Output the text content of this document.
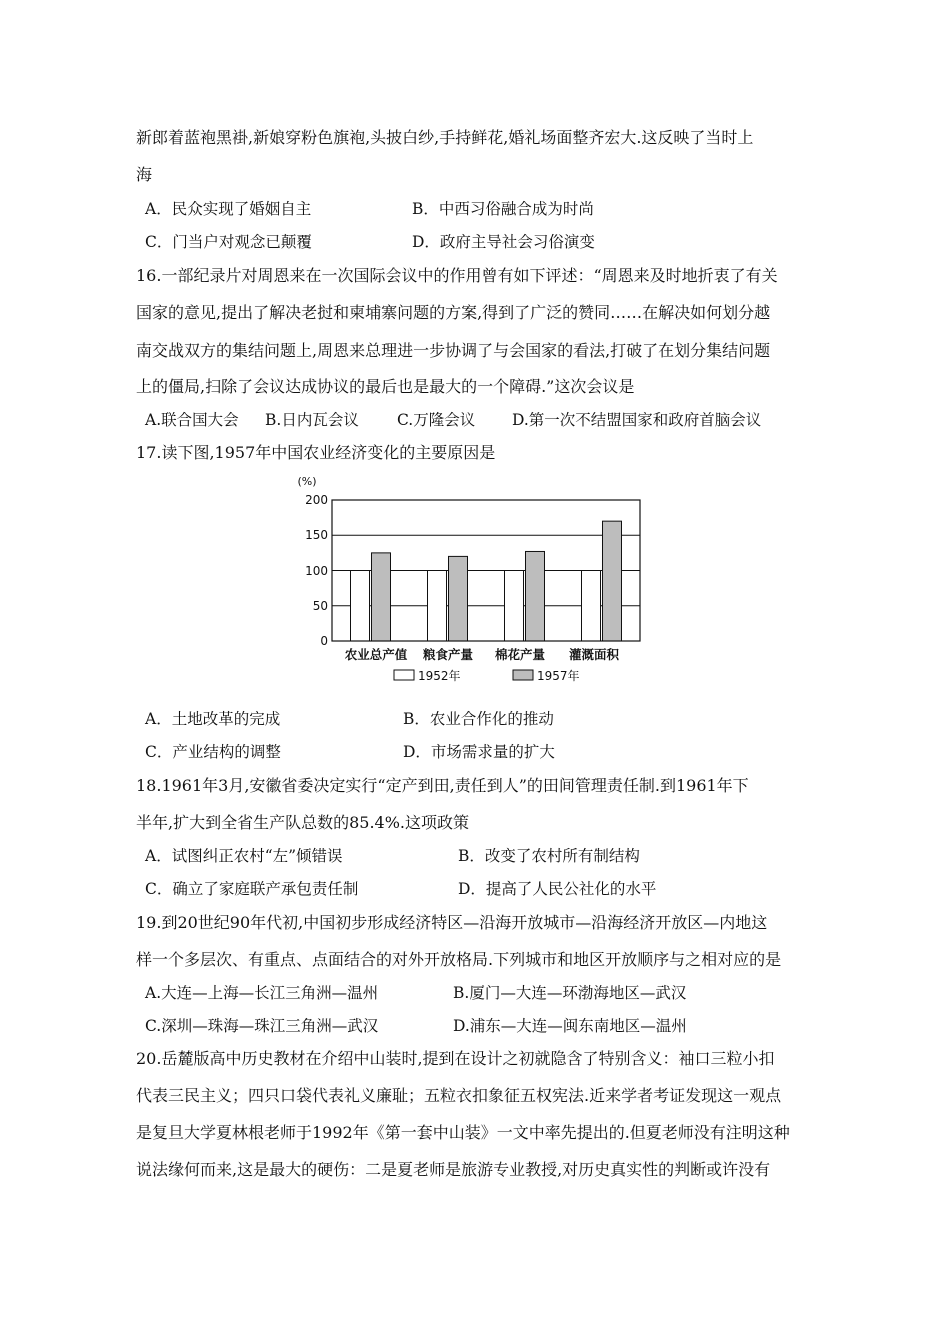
新郎着蓝袍黑褂,新娘穿粉色旗袍,头披白纱,手持鲜花,婚礼场面整齐宏大.这反映了当时上
海
A．民众实现了婚姻自主	B．中西习俗融合成为时尚
C．门当户对观念已颠覆	D．政府主导社会习俗演变
16.一部纪录片对周恩来在一次国际会议中的作用曾有如下评述：“周恩来及时地折衷了有关
国家的意见,提出了解决老挝和柬埔寨问题的方案,得到了广泛的赞同……在解决如何划分越
南交战双方的集结问题上,周恩来总理进一步协调了与会国家的看法,打破了在划分集结问题
上的僵局,扫除了会议达成协议的最后也是最大的一个障碍.”这次会议是
A.联合国大会 B.日内瓦会议 C.万隆会议 D.第一次不结盟国家和政府首脑会议
17.读下图,1957年中国农业经济变化的主要原因是
(%)
0
50
100
150
200
农业总产值 粮食产量 棉花产量 灌溉面积
1952年	1957年
A．土地改革的完成	B．农业合作化的推动
C．产业结构的调整	D．市场需求量的扩大
18.1961年3月,安徽省委决定实行“定产到田,责任到人”的田间管理责任制.到1961年下
半年,扩大到全省生产队总数的85.4%.这项政策
A．试图纠正农村“左”倾错误	B．改变了农村所有制结构
C．确立了家庭联产承包责任制	D．提高了人民公社化的水平
19.到20世纪90年代初,中国初步形成经济特区—沿海开放城市—沿海经济开放区—内地这
样一个多层次、有重点、点面结合的对外开放格局.下列城市和地区开放顺序与之相对应的是
A.大连—上海—长江三角洲—温州	B.厦门—大连—环渤海地区—武汉
C.深圳—珠海—珠江三角洲—武汉	D.浦东—大连—闽东南地区—温州
20.岳麓版高中历史教材在介绍中山装时,提到在设计之初就隐含了特别含义：袖口三粒小扣
代表三民主义；四只口袋代表礼义廉耻；五粒衣扣象征五权宪法.近来学者考证发现这一观点
是复旦大学夏林根老师于1992年《第一套中山装》一文中率先提出的.但夏老师没有注明这种
说法缘何而来,这是最大的硬伤：二是夏老师是旅游专业教授,对历史真实性的判断或许没有
